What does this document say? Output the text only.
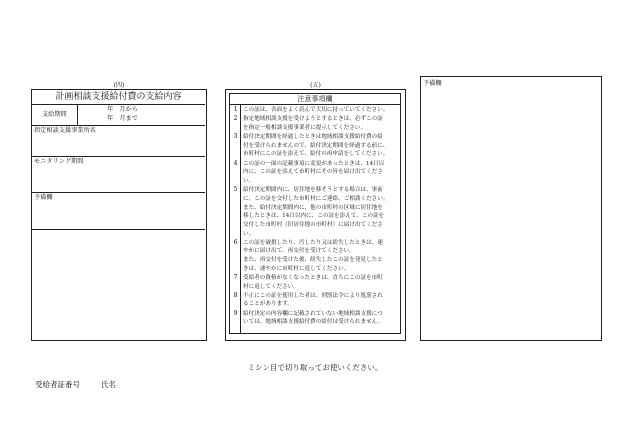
(四)
計画相談支援給付費の支給内容
支給期間
年　月から
年　月まで
指定相談支援事業所名
モニタリング期間
予備欄
(五)
注意事項欄
1 この証は、各面をよく読んで大切に持っていてください。
2 指定地域相談支援を受けようとするときは、必ずこの証
を指定一般相談支援事業者に提示してください。
3 給付決定期間を経過したときは地域相談支援給付費の給
付を受けられませんので、給付決定期間を経過する前に、
市町村にこの証を添えて、給付の再申請をしてください。
4 この証の一面の記載事項に変更があったときは、14日以
内に、この証を添えて市町村にその旨を届け出てくださ
い。
5 給付決定期間内に、居住地を移そうとする場合は、事前
に、この証を交付した市町村にご連絡、ご相談ください。
また、給付決定期間内に、他の市町村の区域に居住地を
移したときは、14日以内に、この証を添えて、この証を
交付した市町村（旧居住地の市町村）に届け出てくださ
い。
6 この証を破損したり、汚したり又は紛失したときは、速
やかに届け出て、再交付を受けてください。
また、再交付を受けた後、紛失したこの証を発見したと
きは、速やかに市町村に返してください。
7 受給者の資格がなくなったときは、直ちにこの証を市町
村に返してください。
8 不正にこの証を使用した者は、刑罰法令により処罰され
ることがあります。
9 給付決定の内容欄に記載されていない地域相談支援につ
いては、地域相談支援給付費の給付は受けられません。
予備欄
ミシン目で切り取ってお使いください。
受給者証番号	氏名
